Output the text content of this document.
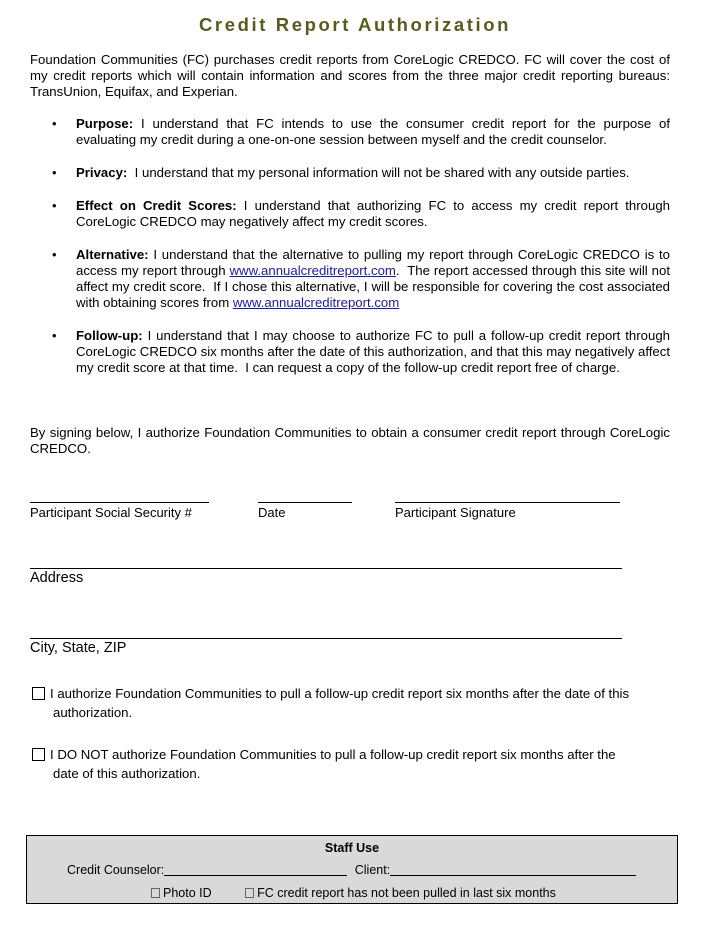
Credit Report Authorization

Foundation Communities (FC) purchases credit reports from CoreLogic CREDCO. FC will cover the cost of my credit reports which will contain information and scores from the three major credit reporting bureaus: TransUnion, Equifax, and Experian.

• Purpose: I understand that FC intends to use the consumer credit report for the purpose of evaluating my credit during a one-on-one session between myself and the credit counselor.
• Privacy:  I understand that my personal information will not be shared with any outside parties.
• Effect on Credit Scores: I understand that authorizing FC to access my credit report through CoreLogic CREDCO may negatively affect my credit scores.
• Alternative: I understand that the alternative to pulling my report through CoreLogic CREDCO is to access my report through www.annualcreditreport.com.  The report accessed through this site will not affect my credit score.  If I chose this alternative, I will be responsible for covering the cost associated with obtaining scores from www.annualcreditreport.com
• Follow-up: I understand that I may choose to authorize FC to pull a follow-up credit report through CoreLogic CREDCO six months after the date of this authorization, and that this may negatively affect my credit score at that time.  I can request a copy of the follow-up credit report free of charge.

By signing below, I authorize Foundation Communities to obtain a consumer credit report through CoreLogic CREDCO.

Participant Social Security #	Date	Participant Signature
Address
City, State, ZIP
I authorize Foundation Communities to pull a follow-up credit report six months after the date of this
authorization.
I DO NOT authorize Foundation Communities to pull a follow-up credit report six months after the
date of this authorization.
Staff Use
Credit Counselor:	Client:
Photo ID	FC credit report has not been pulled in last six months
